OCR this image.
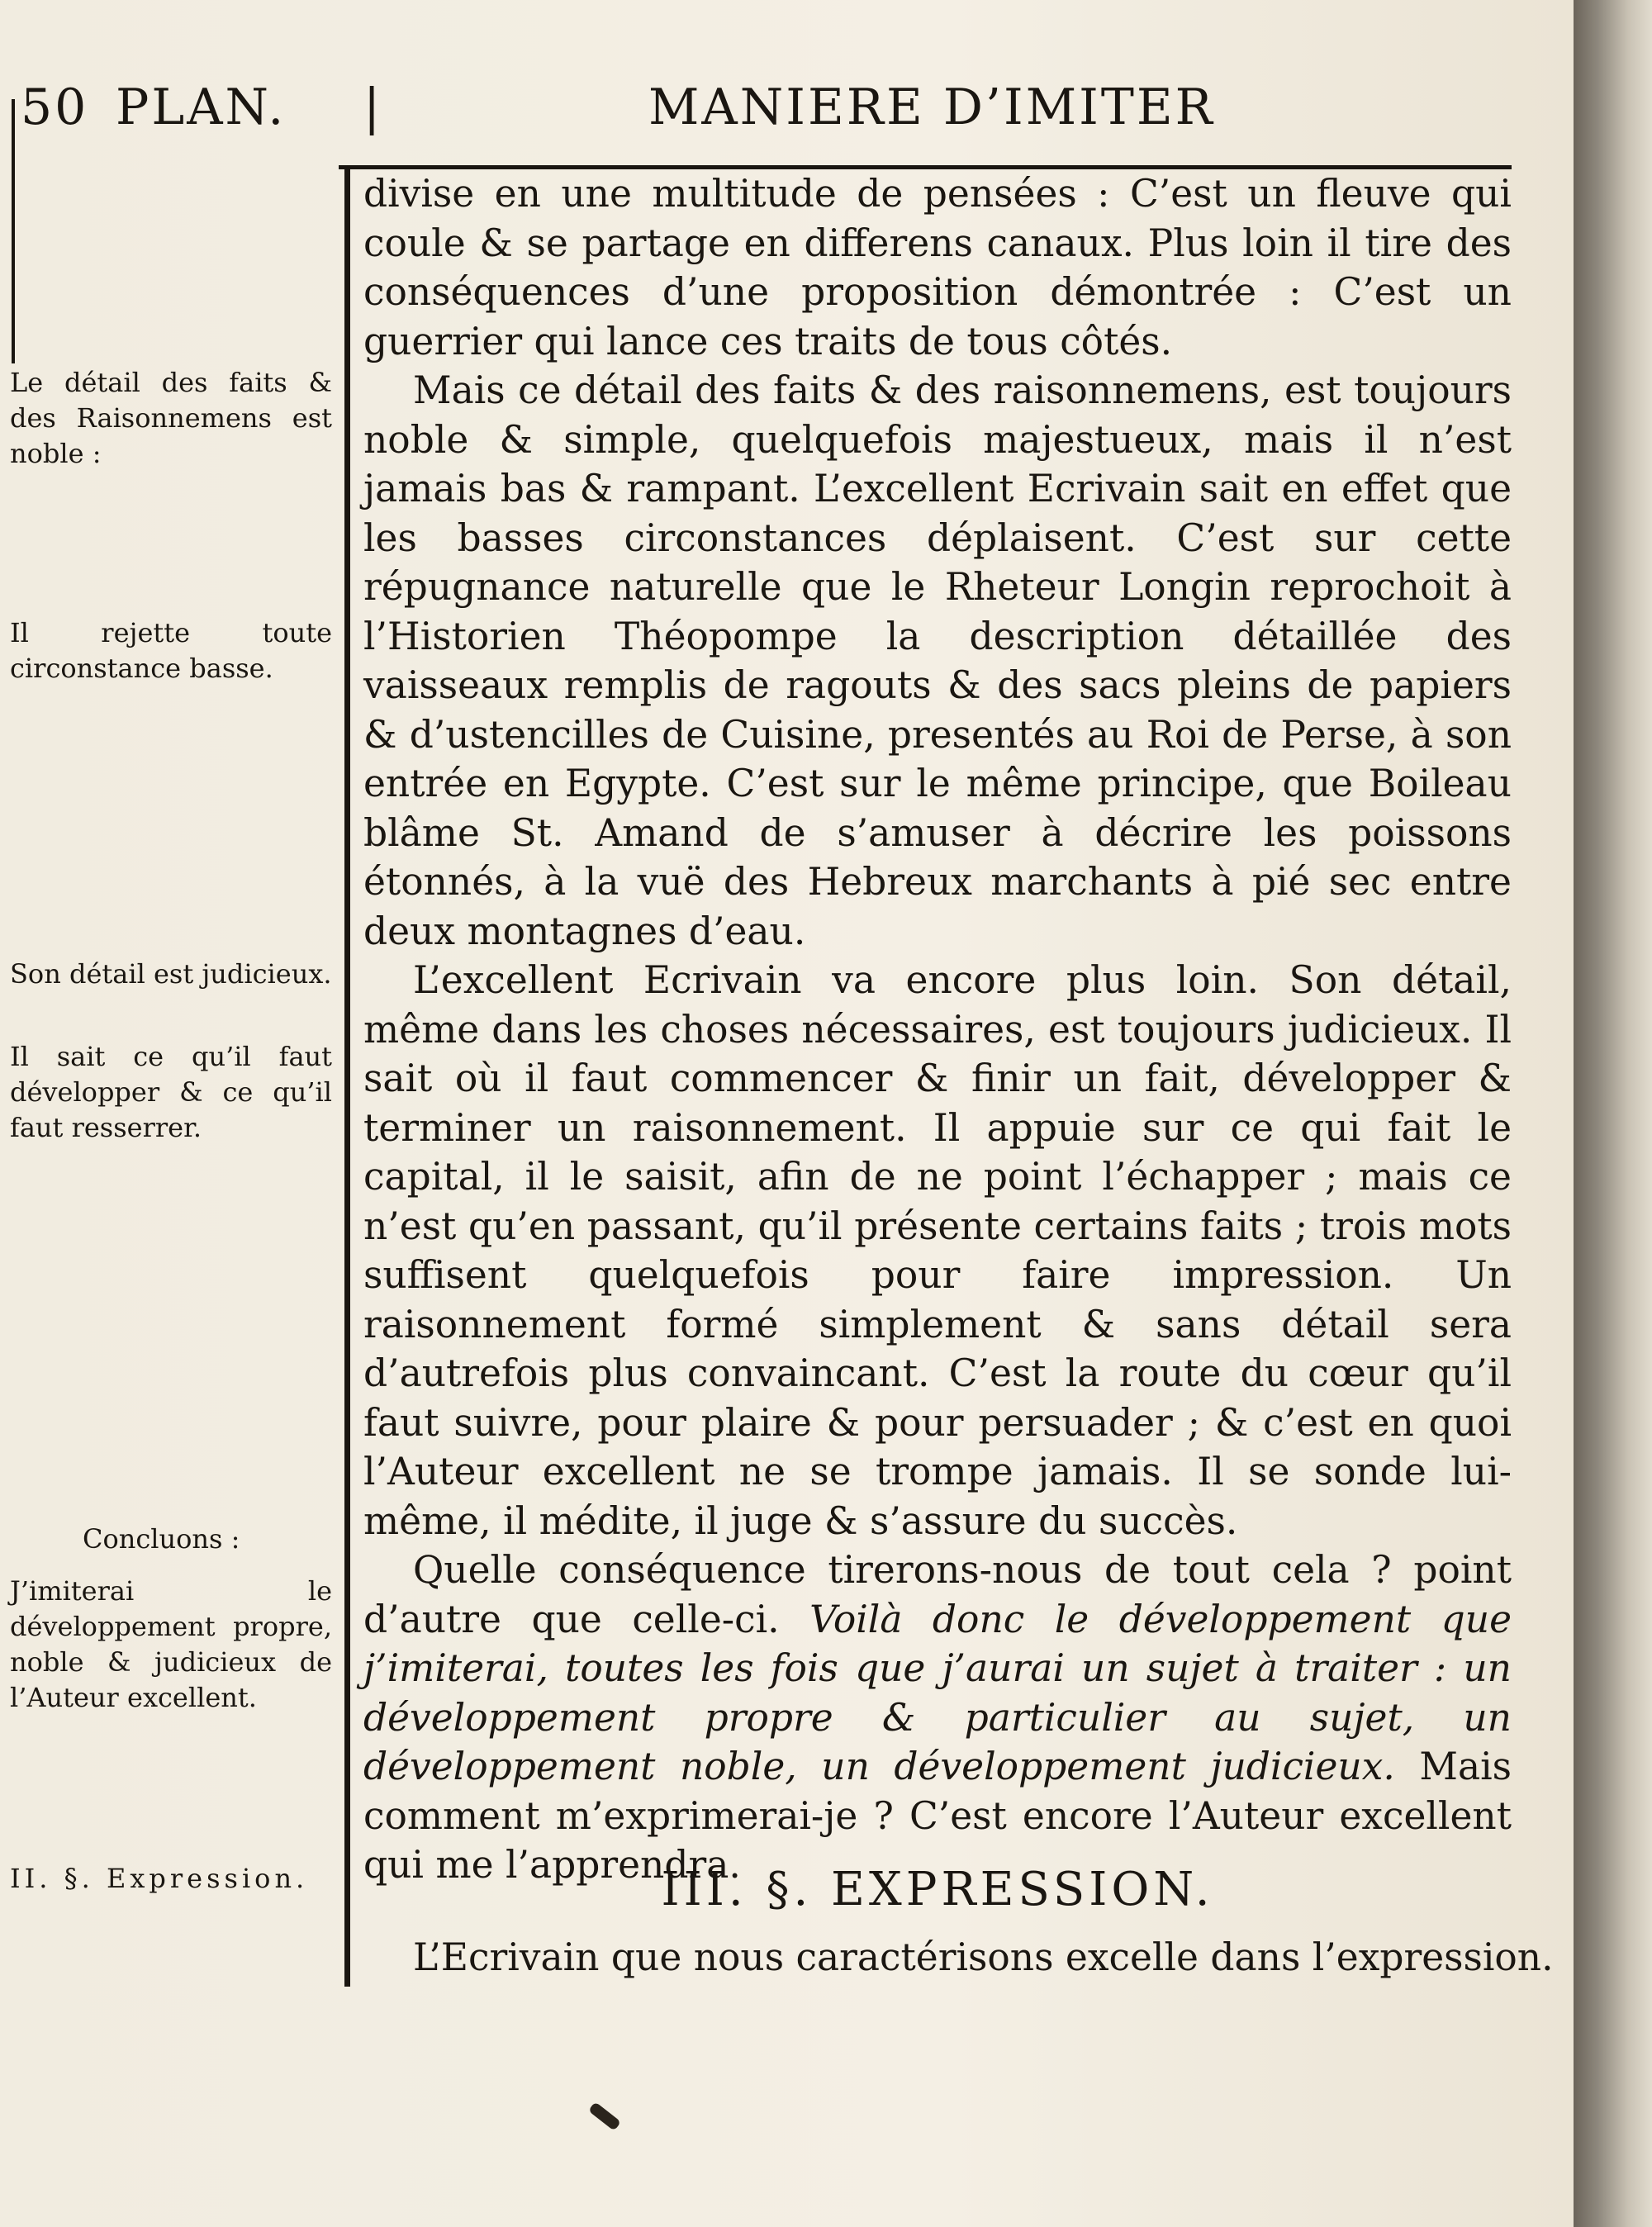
50 PLAN. |	MANIERE D’IMITER
Le détail des faits & des Raisonnemens est noble :
Il rejette toute circonstance basse.
Son détail est judicieux.
Il sait ce qu’il faut développer & ce qu’il faut resserrer.
Concluons :
J’imiterai le développement propre, noble & judicieux de l’Auteur excellent.
II. §. Expression.

divise en une multitude de pensées : C’est un fleuve qui coule & se partage en differens canaux. Plus loin il tire des conséquences d’une proposition démontrée : C’est un guerrier qui lance ces traits de tous côtés.

Mais ce détail des faits & des raisonnemens, est toujours noble & simple, quelquefois majestueux, mais il n’est jamais bas & rampant. L’excellent Ecrivain sait en effet que les basses circonstances déplaisent. C’est sur cette répugnance naturelle que le Rheteur Longin reprochoit à l’Historien Théopompe la description détaillée des vaisseaux remplis de ragouts & des sacs pleins de papiers & d’ustencilles de Cuisine, presentés au Roi de Perse, à son entrée en Egypte. C’est sur le même principe, que Boileau blâme St. Amand de s’amuser à décrire les poissons étonnés, à la vuë des Hebreux marchants à pié sec entre deux montagnes d’eau.

L’excellent Ecrivain va encore plus loin. Son détail, même dans les choses nécessaires, est toujours judicieux. Il sait où il faut commencer & finir un fait, développer & terminer un raisonnement. Il appuie sur ce qui fait le capital, il le saisit, afin de ne point l’échapper ; mais ce n’est qu’en passant, qu’il présente certains faits ; trois mots suffisent quelquefois pour faire impression. Un raisonnement formé simplement & sans détail sera d’autrefois plus convaincant. C’est la route du cœur qu’il faut suivre, pour plaire & pour persuader ; & c’est en quoi l’Auteur excellent ne se trompe jamais. Il se sonde lui-même, il médite, il juge & s’assure du succès.

Quelle conséquence tirerons-nous de tout cela ? point d’autre que celle-ci. Voilà donc le développement que j’imiterai, toutes les fois que j’aurai un sujet à traiter : un développement propre & particulier au sujet, un développement noble, un développement judicieux. Mais comment m’exprimerai-je ? C’est encore l’Auteur excellent qui me l’apprendra.

III. §. EXPRESSION.
L’Ecrivain que nous caractérisons excelle dans l’expression.
